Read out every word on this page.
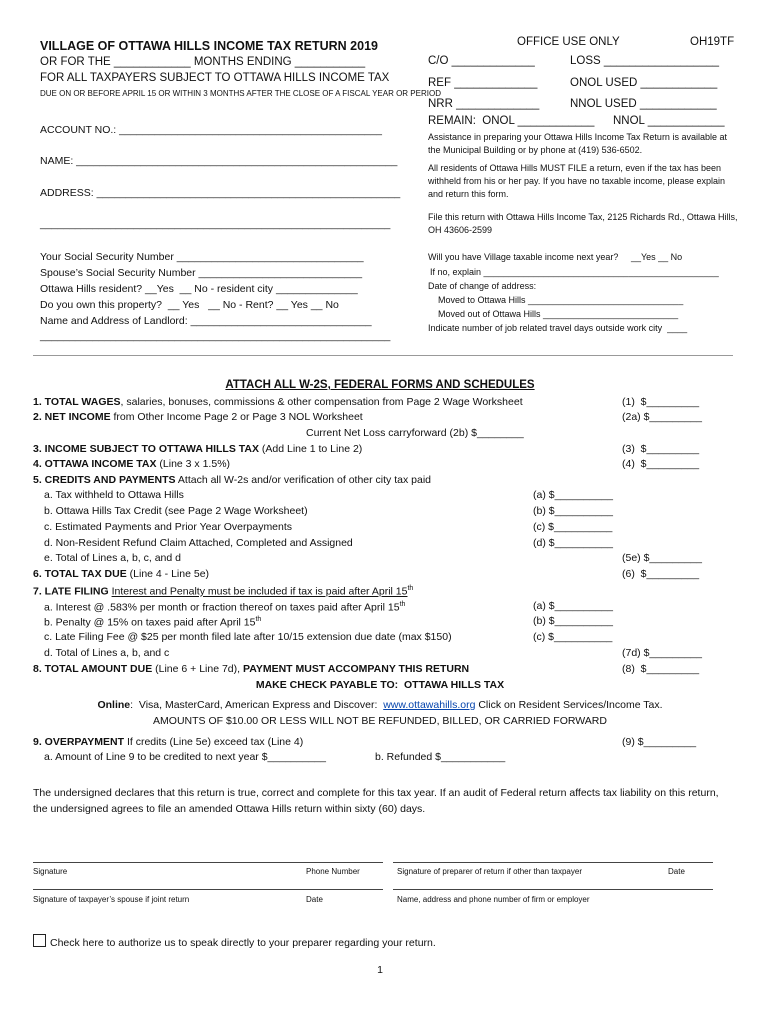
VILLAGE OF OTTAWA HILLS INCOME TAX RETURN 2019
OR FOR THE ____________ MONTHS ENDING ___________
FOR ALL TAXPAYERS SUBJECT TO OTTAWA HILLS INCOME TAX
DUE ON OR BEFORE APRIL 15 OR WITHIN 3 MONTHS AFTER THE CLOSE OF A FISCAL YEAR OR PERIOD
OFFICE USE ONLY	OH19TF
C/O _____________	LOSS __________________
REF _____________	ONOL USED ____________
NRR _____________	NNOL USED ____________
REMAIN:  ONOL ____________ NNOL ____________
Assistance in preparing your Ottawa Hills Income Tax Return is available at the Municipal Building or by phone at (419) 536-6502.
All residents of Ottawa Hills MUST FILE a return, even if the tax has been withheld from his or her pay. If you have no taxable income, please explain and return this form.
File this return with Ottawa Hills Income Tax, 2125 Richards Rd., Ottawa Hills, OH 43606-2599
ACCOUNT NO.: _____________________________________________
NAME: _______________________________________________________
ADDRESS: ____________________________________________________
____________________________________________________________
Your Social Security Number ________________________________
Spouse’s Social Security Number ____________________________
Ottawa Hills resident? __Yes  __ No - resident city ______________
Do you own this property?  __ Yes   __ No - Rent? __ Yes __ No
Name and Address of Landlord: _______________________________
____________________________________________________________
Will you have Village taxable income next year?     __Yes __ No
If no, explain _______________________________________________
Date of change of address:
Moved to Ottawa Hills _______________________________
Moved out of Ottawa Hills ___________________________
Indicate number of job related travel days outside work city  ____
ATTACH ALL W-2S, FEDERAL FORMS AND SCHEDULES
1. TOTAL WAGES, salaries, bonuses, commissions & other compensation from Page 2 Wage Worksheet	(1)  $_________
2. NET INCOME from Other Income Page 2 or Page 3 NOL Worksheet	(2a) $_________
Current Net Loss carryforward (2b) $________
3. INCOME SUBJECT TO OTTAWA HILLS TAX (Add Line 1 to Line 2)	(3)  $_________
4. OTTAWA INCOME TAX (Line 3 x 1.5%)	(4)  $_________
5. CREDITS AND PAYMENTS Attach all W-2s and/or verification of other city tax paid
a. Tax withheld to Ottawa Hills	(a) $__________
b. Ottawa Hills Tax Credit (see Page 2 Wage Worksheet)	(b) $__________
c. Estimated Payments and Prior Year Overpayments	(c) $__________
d. Non-Resident Refund Claim Attached, Completed and Assigned	(d) $__________
e. Total of Lines a, b, c, and d	(5e) $_________
6. TOTAL TAX DUE (Line 4 - Line 5e)	(6)  $_________
7. LATE FILING Interest and Penalty must be included if tax is paid after April 15th
a. Interest @ .583% per month or fraction thereof on taxes paid after April 15th	(a) $__________
b. Penalty @ 15% on taxes paid after April 15th	(b) $__________
c. Late Filing Fee @ $25 per month filed late after 10/15 extension due date (max $150)	(c) $__________
d. Total of Lines a, b, and c	(7d) $_________
8. TOTAL AMOUNT DUE (Line 6 + Line 7d), PAYMENT MUST ACCOMPANY THIS RETURN	(8)  $_________
MAKE CHECK PAYABLE TO:  OTTAWA HILLS TAX
Online:  Visa, MasterCard, American Express and Discover:  www.ottawahills.org Click on Resident Services/Income Tax.
AMOUNTS OF $10.00 OR LESS WILL NOT BE REFUNDED, BILLED, OR CARRIED FORWARD
9. OVERPAYMENT If credits (Line 5e) exceed tax (Line 4)	(9) $_________
a. Amount of Line 9 to be credited to next year $__________	b. Refunded $___________
The undersigned declares that this return is true, correct and complete for this tax year. If an audit of Federal return affects tax liability on this return, the undersigned agrees to file an amended Ottawa Hills return within sixty (60) days.
Signature	Phone Number	Signature of preparer of return if other than taxpayer	Date
Signature of taxpayer’s spouse if joint return	Date	Name, address and phone number of firm or employer
Check here to authorize us to speak directly to your preparer regarding your return.
1
